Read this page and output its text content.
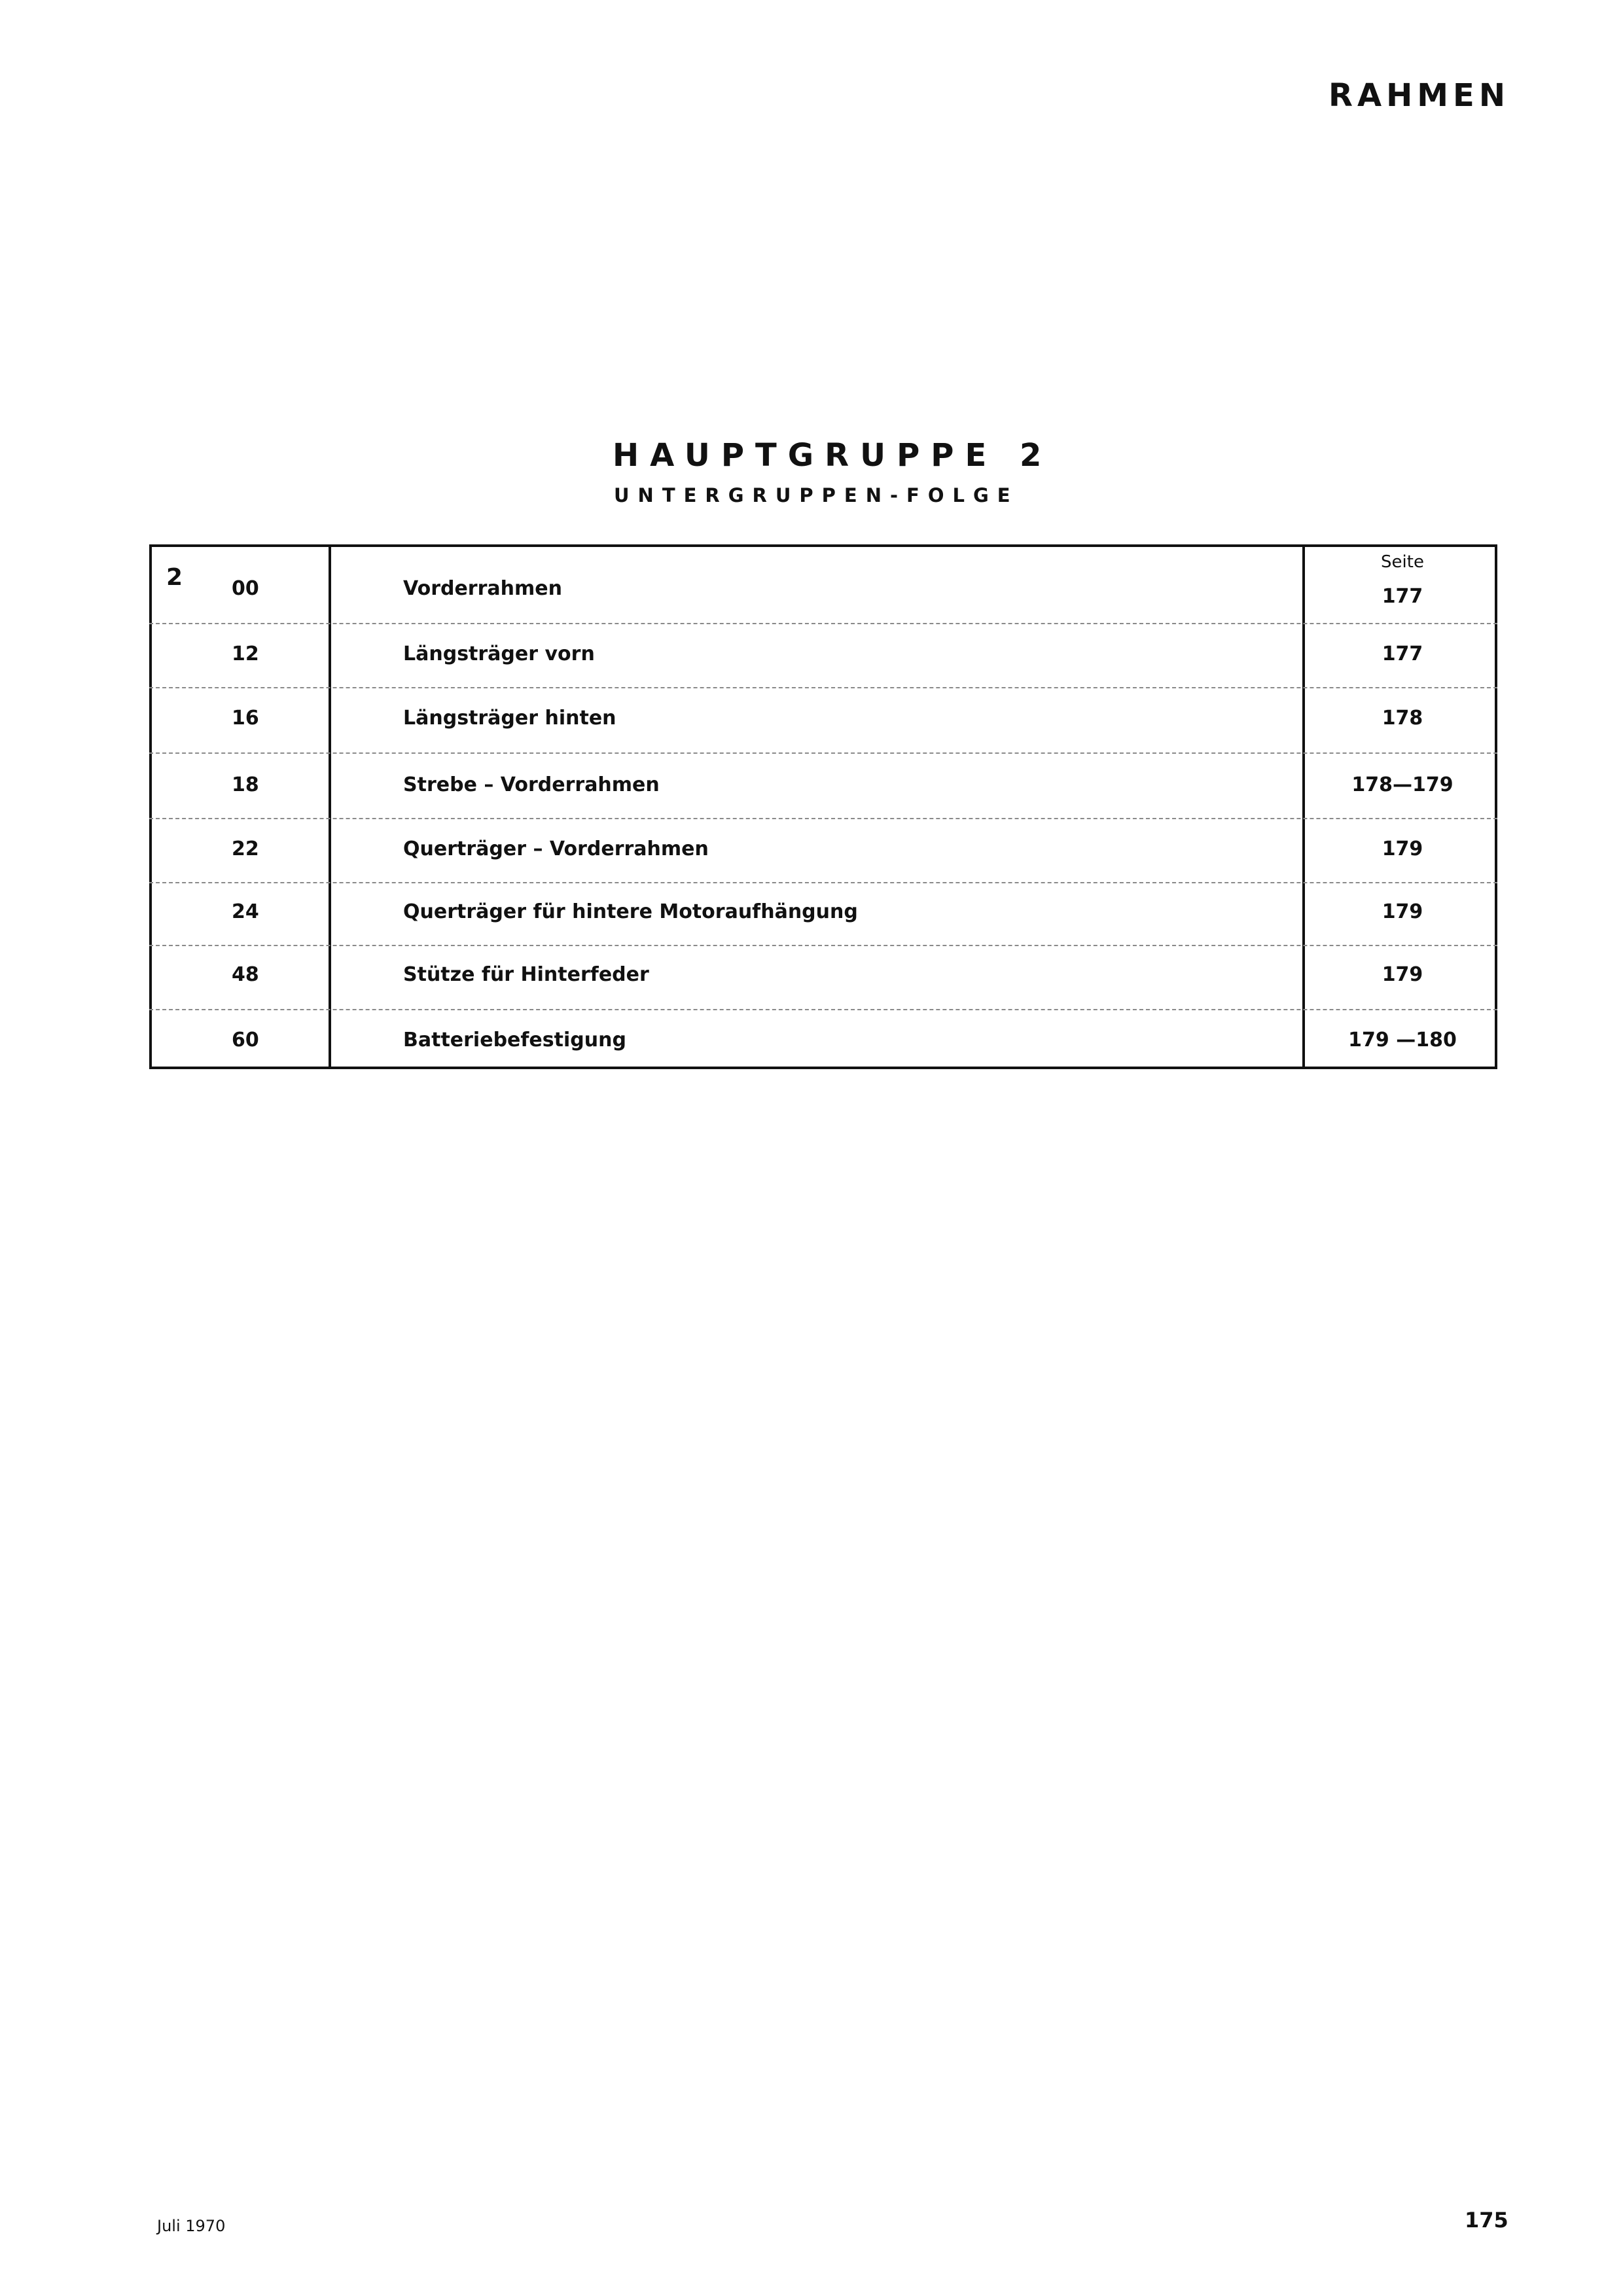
RAHMEN
HAUPTGRUPPE 2
UNTERGRUPPEN-FOLGE
2
Seite
00	Vorderrahmen	177
12	Längsträger vorn	177
16	Längsträger hinten	178
18	Strebe – Vorderrahmen	178—179
22	Querträger – Vorderrahmen	179
24	Querträger für hintere Motoraufhängung	179
48	Stütze für Hinterfeder	179
60	Batteriebefestigung	179 —180
Juli 1970	175
